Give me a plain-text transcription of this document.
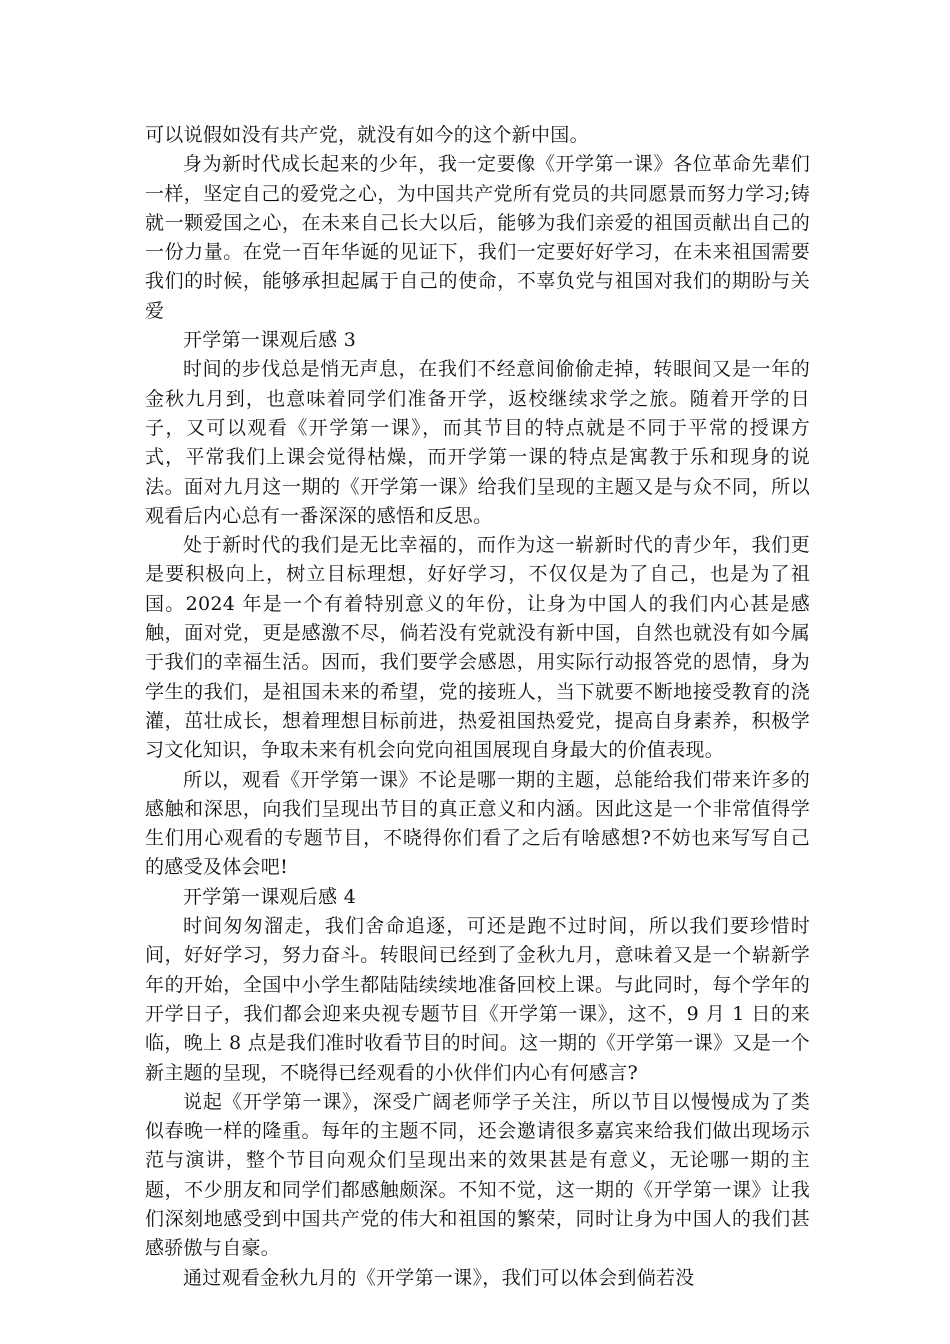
可以说假如没有共产党，就没有如今的这个新中国。

身为新时代成长起来的少年，我一定要像《开学第一课》各位革命先辈们一样，坚定自己的爱党之心，为中国共产党所有党员的共同愿景而努力学习;铸就一颗爱国之心，在未来自己长大以后，能够为我们亲爱的祖国贡献出自己的一份力量。在党一百年华诞的见证下，我们一定要好好学习，在未来祖国需要我们的时候，能够承担起属于自己的使命，不辜负党与祖国对我们的期盼与关爱

开学第一课观后感 3

时间的步伐总是悄无声息，在我们不经意间偷偷走掉，转眼间又是一年的金秋九月到，也意味着同学们准备开学，返校继续求学之旅。随着开学的日子，又可以观看《开学第一课》，而其节目的特点就是不同于平常的授课方式，平常我们上课会觉得枯燥，而开学第一课的特点是寓教于乐和现身的说法。面对九月这一期的《开学第一课》给我们呈现的主题又是与众不同，所以观看后内心总有一番深深的感悟和反思。

处于新时代的我们是无比幸福的，而作为这一崭新时代的青少年，我们更是要积极向上，树立目标理想，好好学习，不仅仅是为了自己，也是为了祖国。2024 年是一个有着特别意义的年份，让身为中国人的我们内心甚是感触，面对党，更是感激不尽，倘若没有党就没有新中国，自然也就没有如今属于我们的幸福生活。因而，我们要学会感恩，用实际行动报答党的恩情，身为学生的我们，是祖国未来的希望，党的接班人，当下就要不断地接受教育的浇灌，茁壮成长，想着理想目标前进，热爱祖国热爱党，提高自身素养，积极学习文化知识，争取未来有机会向党向祖国展现自身最大的价值表现。

所以，观看《开学第一课》不论是哪一期的主题，总能给我们带来许多的感触和深思，向我们呈现出节目的真正意义和内涵。因此这是一个非常值得学生们用心观看的专题节目，不晓得你们看了之后有啥感想?不妨也来写写自己的感受及体会吧!

开学第一课观后感 4

时间匆匆溜走，我们舍命追逐，可还是跑不过时间，所以我们要珍惜时间，好好学习，努力奋斗。转眼间已经到了金秋九月，意味着又是一个崭新学年的开始，全国中小学生都陆陆续续地准备回校上课。与此同时，每个学年的开学日子，我们都会迎来央视专题节目《开学第一课》，这不，9 月 1 日的来临，晚上 8 点是我们准时收看节目的时间。这一期的《开学第一课》又是一个新主题的呈现，不晓得已经观看的小伙伴们内心有何感言?

说起《开学第一课》，深受广阔老师学子关注，所以节目以慢慢成为了类似春晚一样的隆重。每年的主题不同，还会邀请很多嘉宾来给我们做出现场示范与演讲，整个节目向观众们呈现出来的效果甚是有意义，无论哪一期的主题，不少朋友和同学们都感触颇深。不知不觉，这一期的《开学第一课》让我们深刻地感受到中国共产党的伟大和祖国的繁荣，同时让身为中国人的我们甚感骄傲与自豪。

通过观看金秋九月的《开学第一课》，我们可以体会到倘若没
